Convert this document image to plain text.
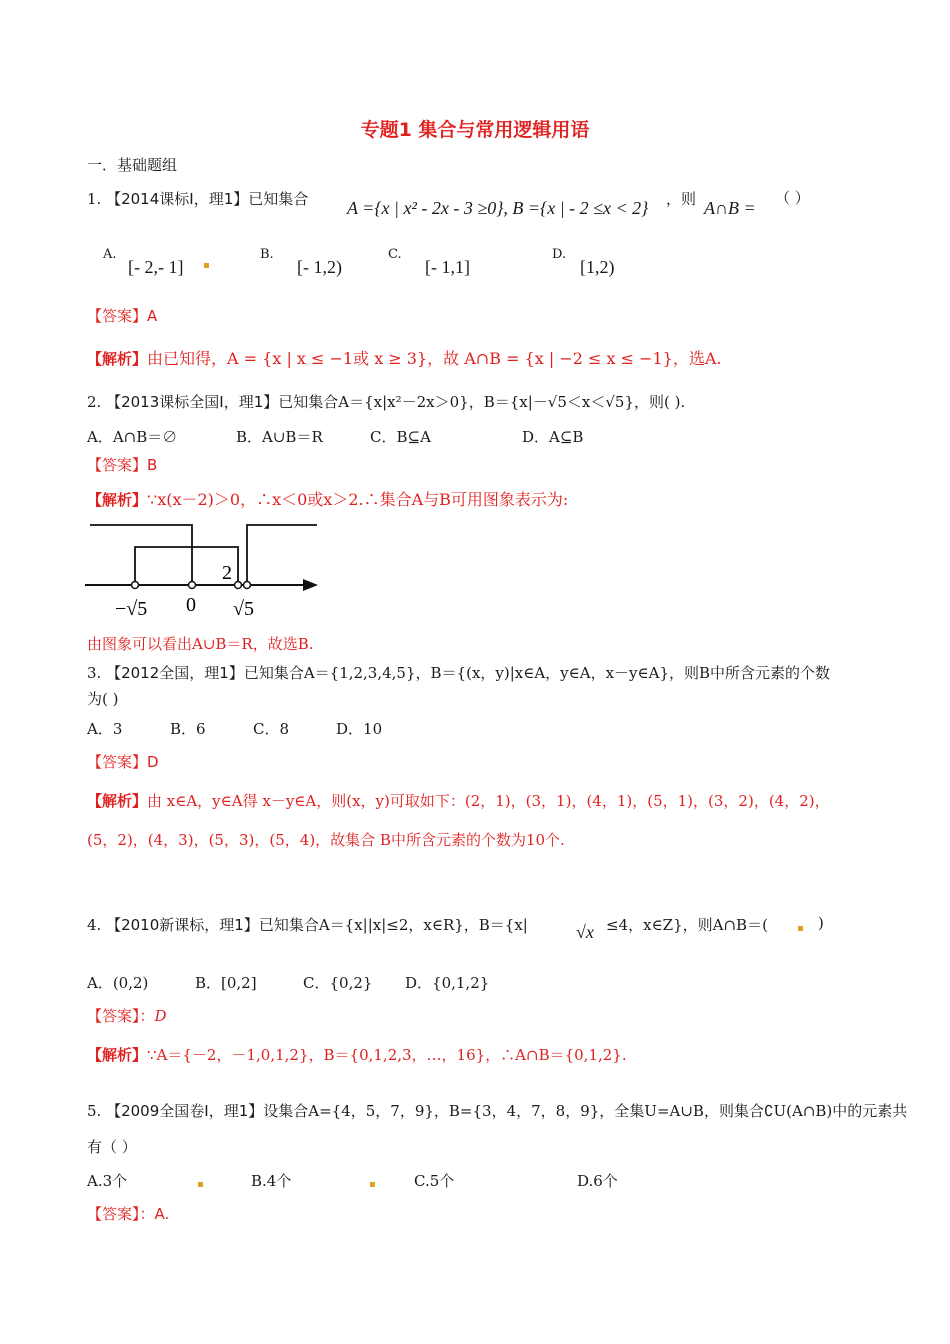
专题1 集合与常用逻辑用语
一．基础题组
1. 【2014课标Ⅰ，理1】已知集合 A ={x | x² - 2x - 3 ≥0}, B ={x | - 2 ≤x < 2} ，则 A∩B = （ ）
A.
[- 2,- 1]
B.
[- 1,2)
C.
[- 1,1]
D.
[1,2)
【答案】A
【解析】由已知得，A = {x | x ≤ −1或 x ≥ 3}，故 A∩B = {x | −2 ≤ x ≤ −1}，选A.
2. 【2013课标全国Ⅰ，理1】已知集合A＝{x|x²－2x＞0}，B＝{x|－√5＜x＜√5}，则( ).
A．A∩B＝∅	B．A∪B＝R	C．B⊆A	D．A⊆B
【答案】B
【解析】∵x(x－2)＞0，∴x＜0或x＞2.∴集合A与B可用图象表示为:
−√5 0
2
√5
由图象可以看出A∪B＝R，故选B.
3. 【2012全国，理1】已知集合A＝{1,2,3,4,5}，B＝{(x，y)|x∈A，y∈A，x－y∈A}，则B中所含元素的个数
为( )
A．3	B．6	C．8	D．10
【答案】D
【解析】由 x∈A，y∈A得 x－y∈A，则(x，y)可取如下：(2，1)，(3，1)，(4，1)，(5，1)，(3，2)，(4，2)，
(5，2)，(4，3)，(5，3)，(5，4)，故集合 B中所含元素的个数为10个.
4. 【2010新课标，理1】已知集合A＝{x||x|≤2，x∈R}，B＝{x|	√x ≤4，x∈Z}，则A∩B＝(	)
A．(0,2)	B．[0,2]	C．{0,2} D．{0,1,2}
【答案】：D
【解析】∵A＝{－2，－1,0,1,2}，B＝{0,1,2,3，…，16}，∴A∩B＝{0,1,2}.
5. 【2009全国卷Ⅰ，理1】设集合A={4，5，7，9}，B={3，4，7，8，9}，全集U=A∪B，则集合∁U(A∩B)中的元素共
有（ ）
A.3个	B.4个	C.5个	D.6个
【答案】：A.
